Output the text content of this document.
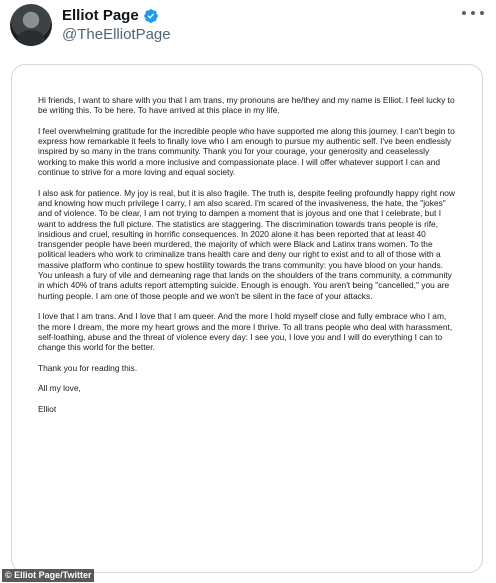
Elliot Page
@TheElliotPage

Hi friends, I want to share with you that I am trans, my pronouns are he/they and my name is Elliot. I feel lucky to be writing this. To be here. To have arrived at this place in my life.

I feel overwhelming gratitude for the incredible people who have supported me along this journey. I can't begin to express how remarkable it feels to finally love who I am enough to pursue my authentic self. I've been endlessly inspired by so many in the trans community. Thank you for your courage, your generosity and ceaselessly working to make this world a more inclusive and compassionate place. I will offer whatever support I can and continue to strive for a more loving and equal society.

I also ask for patience. My joy is real, but it is also fragile. The truth is, despite feeling profoundly happy right now and knowing how much privilege I carry, I am also scared. I'm scared of the invasiveness, the hate, the "jokes" and of violence. To be clear, I am not trying to dampen a moment that is joyous and one that I celebrate, but I want to address the full picture. The statistics are staggering. The discrimination towards trans people is rife, insidious and cruel, resulting in horrific consequences. In 2020 alone it has been reported that at least 40 transgender people have been murdered, the majority of which were Black and Latinx trans women. To the political leaders who work to criminalize trans health care and deny our right to exist and to all of those with a massive platform who continue to spew hostility towards the trans community: you have blood on your hands. You unleash a fury of vile and demeaning rage that lands on the shoulders of the trans community, a community in which 40% of trans adults report attempting suicide. Enough is enough. You aren't being "cancelled," you are hurting people. I am one of those people and we won't be silent in the face of your attacks.

I love that I am trans. And I love that I am queer. And the more I hold myself close and fully embrace who I am, the more I dream, the more my heart grows and the more I thrive. To all trans people who deal with harassment, self-loathing, abuse and the threat of violence every day: I see you, I love you and I will do everything I can to change this world for the better.

Thank you for reading this.

All my love,

Elliot

© Elliot Page/Twitter
